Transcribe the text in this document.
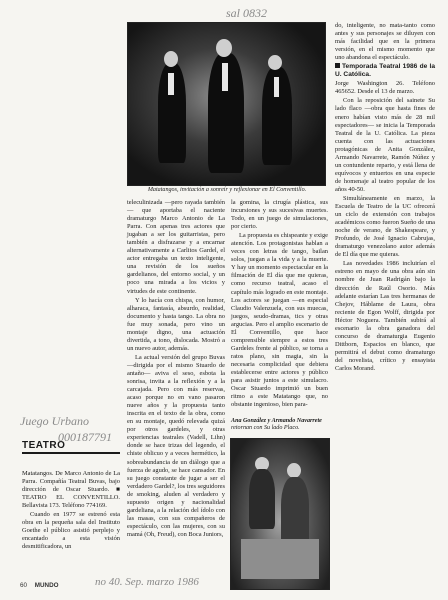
sal 0832
Juego Urbano
000187791
no 40. Sep. marzo 1986
Matatangos, invitación a sonreír y reflexionar en El Conventillo.
TEATRO

Matatangos. De Marco Antonio de La Parra. Compañía Teatral Buvas, bajo dirección de Oscar Stuardo. ■ TEATRO EL CONVENTILLO. Bellavista 173. Teléfono 774169.

Cuando en 1977 se estrenó esta obra en la pequeña sala del Instituto Goethe el público asistió perplejo y encantado a esta visión desmitificadora, un

teleculinizada —pero rayada también— que aportaba el naciente dramaturgo Marco Antonio de La Parra. Con apenas tres actores que jugaban a ser los guitarristas, pero también a disfrazarse y a encarnar alternativamente a Carlitos Gardel, el actor entregaba un texto inteligente, una revisión de los sueños gardelianos, del entorno social, y un poco una mirada a los vicios y virtudes de este continente.

Y lo hacía con chispa, con humor, alharaca, fantasía, absurdo, realidad, documento y hasta tango. La obra no fue muy sonada, pero vino un montaje digno, una actuación divertida, a tono, dislocada. Mostró a un nuevo autor, además.

La actual versión del grupo Buvas —dirigida por el mismo Stuardo de antaño— aviva el seso, esbota la sonrisa, invita a la reflexión y a la carcajada. Pero con más reservas, acaso porque no en vano pasaron nueve años y la propuesta tanto inscrita en el texto de la obra, como en su montaje, quedó relevada quizá por otros gardeles, y otras experiencias teatrales (Vadell, Lihn) donde se hace trizas del legendo, el chiste oblicuo y a veces hermético, la sobreabundancia de un diálogo que a fuerza de agudo, se hace cansador. En su juego constante de jugar a ser el verdadero Gardel?, los tres seguidores de smoking, aluden al verdadero y supuesto origen y nacionalidad gardeliana, a la relación del ídolo con las masas, con sus compañeros de espectáculo, con las mujeres, con su mamá (Oh, Freud), con Boca Juniors,

la gomina, la cirugía plástica, sus incursiones y sus sucesivas muertes. Todo, en un juego de simulaciones, por cierto.

La propuesta es chispeante y exige atención. Los protagonistas hablan a veces con letras de tango, bailan solos, juegan a la vida y a la muerte. Y hay un momento espectacular en la filmación de El día que me quieras, como recurso teatral, acaso el capítulo más logrado en este montaje. Los actores se juegan —en especial Claudio Valenzuela, con sus muecas, juegos, seudo-dramas, tics y otras argucias. Pero el amplio escenario de El Conventillo, que hace comprensible siempre a estos tres Gardeles frente al público, se torna a ratos plano, sin magia, sin la necesaria complicidad que debiera establecerse entre actores y público para asistir juntos a este simulacro. Oscar Stuardo imprimió un buen ritmo a este Matatango que, no obstante ingenioso, bien para-

Ana González y Armando Navarrete retornan con Su lado Placo.

do, inteligente, no mata-tanto como antes y sus personajes se diluyen con más facilidad que en la primera versión, en el mismo momento que uno abandona el espectáculo.

Temporada Teatral 1986 de la U. Católica.

Jorge Washington 26. Teléfono 465652. Desde el 13 de marzo.

Con la reposición del sainete Su lado flaco —obra que hasta fines de enero habían visto más de 28 mil espectadores— se inicia la Temporada Teatral de la U. Católica. La pieza cuenta con las actuaciones protagónicas de Anita González, Armando Navarrete, Ramón Núñez y un contundente reparto, y está llena de equívocos y entuertos en una especie de homenaje al teatro popular de los años 40-50.

Simultáneamente en marzo, la Escuela de Teatro de la UC ofrecerá un ciclo de extensión con trabajos académicos como fueron Sueño de una noche de verano, de Shakespeare, y Profundo, de José Ignacio Cabrujas, dramaturgo venezolano autor además de El día que me quieras.

Las novedades 1986 incluirían el estreno en mayo de una obra aún sin nombre de Juan Radrigán bajo la dirección de Raúl Osorio. Más adelante estarían Las tres hermanas de Chejov, Háblame de Laura, obra reciente de Egon Wolff, dirigida por Héctor Noguera. También subirá al escenario la obra ganadora del concurso de dramaturgia Eugenio Dittborn, Espacios en blanco, que permitirá el debut como dramaturgo del novelista, crítico y ensayista Carlos Morand.

60 MUNDO
